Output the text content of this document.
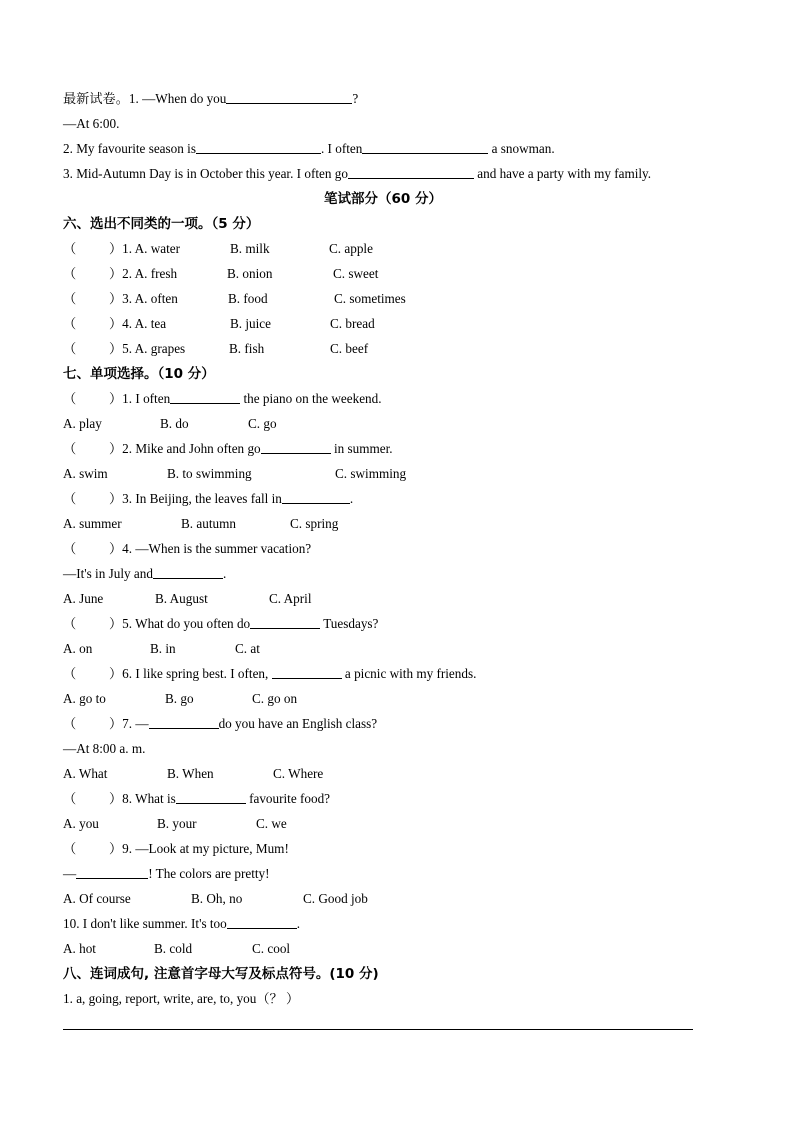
最新试卷。1. —When do you	?
—At 6:00.
2. My favourite season is	. I often	a snowman.
3. Mid-Autumn Day is in October this year. I often go	and have a party with my family.
笔试部分（60 分）
六、选出不同类的一项。（5 分）
（ ）1. A. water	B. milk	C. apple
（ ）2. A. fresh	B. onion	C. sweet
（ ）3. A. often	B. food	C. sometimes
（ ）4. A. tea	B. juice	C. bread
（ ）5. A. grapes	B. fish	C. beef
七、单项选择。（10 分）
（ ）1. I often	the piano on the weekend.
A. play	B. do	C. go
（ ）2. Mike and John often go	in summer.
A. swim	B. to swimming	C. swimming
（ ）3. In Beijing, the leaves fall in	.
A. summer	B. autumn	C. spring
（ ）4. —When is the summer vacation?
—It's in July and	.
A. June	B. August	C. April
（ ）5. What do you often do	Tuesdays?
A. on	B. in	C. at
（ ）6. I like spring best. I often,	a picnic with my friends.
A. go to	B. go	C. go on
（ ）7. —	do you have an English class?
—At 8:00 a. m.
A. What	B. When	C. Where
（ ）8. What is	favourite food?
A. you	B. your	C. we
（ ）9. —Look at my picture, Mum!
—	! The colors are pretty!
A. Of course	B. Oh, no	C. Good job
10. I don't like summer. It's too	.
A. hot	B. cold	C. cool
八、连词成句, 注意首字母大写及标点符号。(10 分)
1. a, going, report, write, are, to, you（？ ）
